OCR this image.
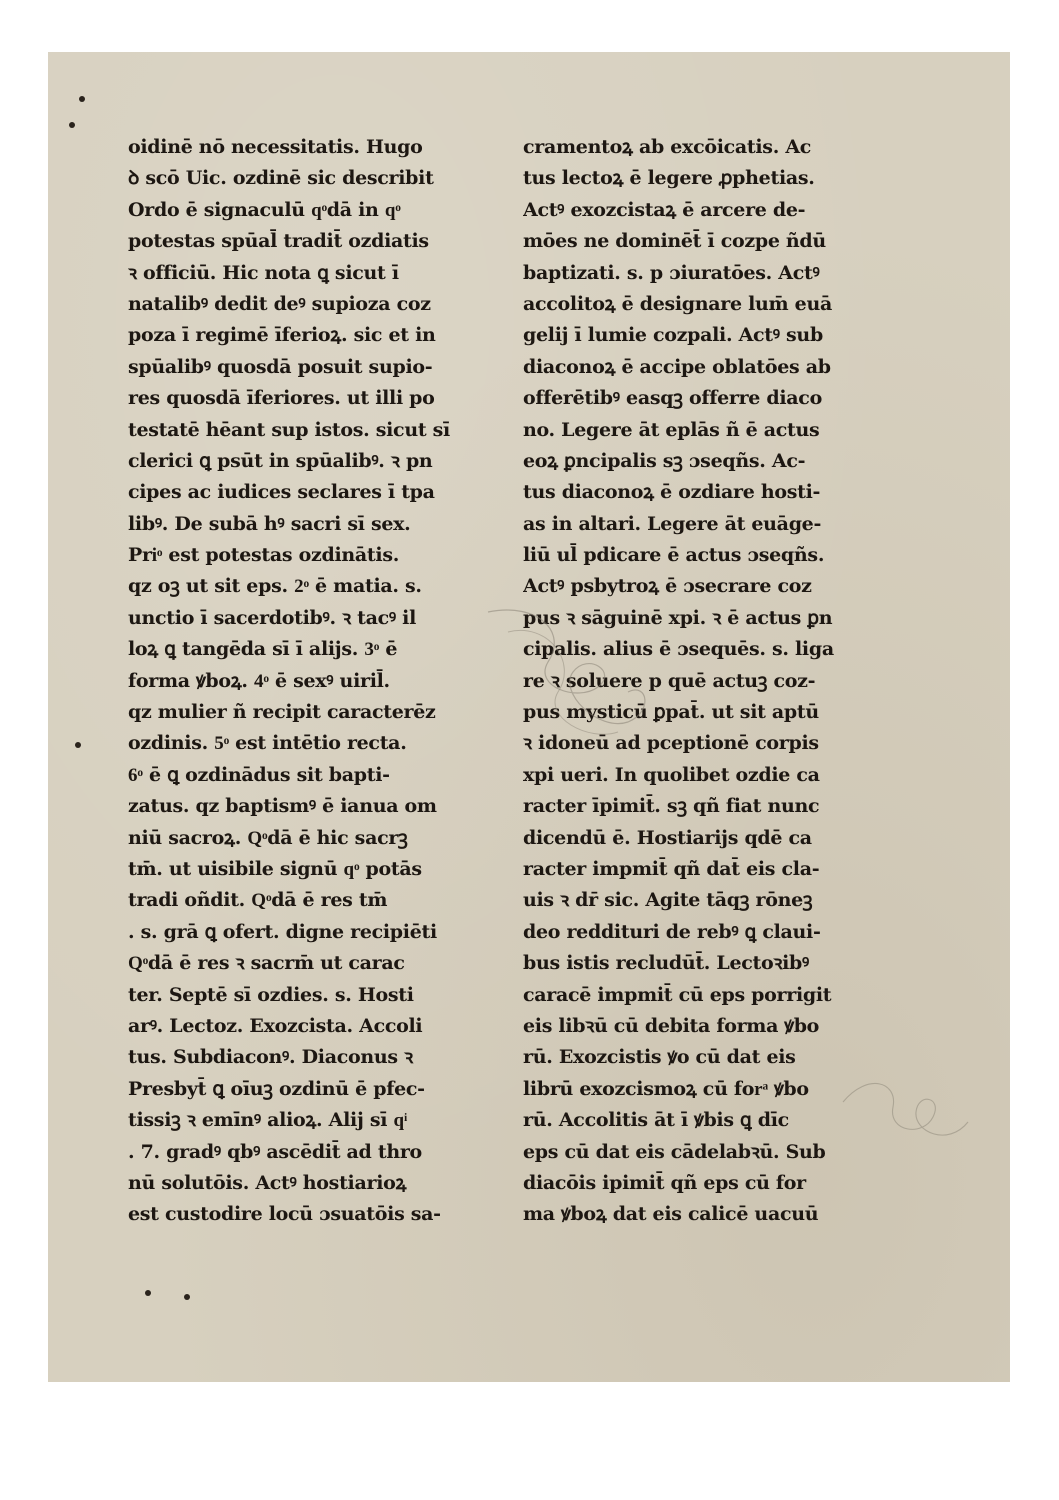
oidinē nō necessitatis. Hugo
ꝺ scō Uic. ozdinē sic describit
Ordo ē signaculū qͦdā in qͦ
potestas spūal̄ tradit̄ ozdiatis
ꝛ officiū. Hic nota ꝗ sicut ī
natalibꝰ dedit deꝰ supioza coz
poza ī regimē īferioꝝ. sic et in
spūalibꝰ quosdā posuit supio-
res quosdā īferiores. ut illi po
testatē hēant sup istos. sicut sī
clerici ꝗ psūt in spūalibꝰ. ꝛ pn
cipes ac iudices seclares ī tpa
libꝰ. De subā hꝰ sacri sī sex.
Priͦ est potestas ozdinātis.
qz oꝫ ut sit eps. 2ͦ ē matia. s.
unctio ī sacerdotibꝰ. ꝛ tacꝰ il
loꝝ ꝗ tangēda sī ī alijs. 3ͦ ē
forma ꝟboꝝ. 4ͦ ē sexꝰ uiril̄.
qz mulier ñ recipit caracterēz
ozdinis. 5ͦ est intētio recta.
6ͦ ē ꝗ ozdinādus sit bapti-
zatus. qz baptismꝰ ē ianua om
niū sacroꝝ. Qͦdā ē hic sacrꝫ
tm̄. ut uisibile signū qͦ potās
tradi oñdit. Qͦdā ē res tm̄
. s. grā ꝗ ofert. digne recipiēti
Qͦdā ē res ꝛ sacrm̄ ut carac
ter. Septē sī ozdies. s. Hosti
arꝰ. Lectoz. Exozcista. Accoli
tus. Subdiaconꝰ. Diaconus ꝛ
Presbyt̄ ꝗ oīuꝫ ozdinū ē pfec-
tissiꝫ ꝛ emīnꝰ alioꝝ. Alij sī qͥ
. 7. gradꝰ qbꝰ ascēdit̄ ad thro
nū solutōis. Actꝰ hostiarioꝝ
est custodire locū ɔsuatōis sa-
cramentoꝝ ab excōicatis. Ac
tus lectoꝝ ē legere ꝓphetias.
Actꝰ exozcistaꝝ ē arcere de-
mōes ne dominēt̄ ī cozpe ñdū
baptizati. s. p ɔiuratōes. Actꝰ
accolitoꝝ ē designare lum̄ euā
gelij ī lumie cozpali. Actꝰ sub
diaconoꝝ ē accipe oblatōes ab
offerētibꝰ easqꝫ offerre diaco
no. Legere āt eplās ñ ē actus
eoꝝ ꝑncipalis sꝫ ɔseqñs. Ac-
tus diaconoꝝ ē ozdiare hosti-
as in altari. Legere āt euāge-
liū ul̄ pdicare ē actus ɔseqñs.
Actꝰ psbytroꝝ ē ɔsecrare coz
pus ꝛ sāguinē xpi. ꝛ ē actus ꝑn
cipalis. alius ē ɔsequēs. s. liga
re ꝛ soluere p quē actuꝫ coz-
pus mysticū ꝑpat̄. ut sit aptū
ꝛ idoneū ad pceptionē corpis
xpi ueri. In quolibet ozdie ca
racter īpimit̄. sꝫ qñ fiat nunc
dicendū ē. Hostiarijs qdē ca
racter impmit̄ qñ dat̄ eis cla-
uis ꝛ dr̄ sic. Agite tāqꝫ rōneꝫ
deo reddituri de rebꝰ ꝗ claui-
bus istis recludūt̄. Lectoꝛibꝰ
caracē impmit̄ cū eps porrigit
eis libꝛū cū debita forma ꝟbo
rū. Exozcistis ꝟo cū dat eis
librū exozcismoꝝ cū forͣ ꝟbo
rū. Accolitis āt ī ꝟbis ꝗ dīc
eps cū dat eis cādelabꝛū. Sub
diacōis ipimit̄ qñ eps cū for
ma ꝟboꝝ dat eis calicē uacuū
